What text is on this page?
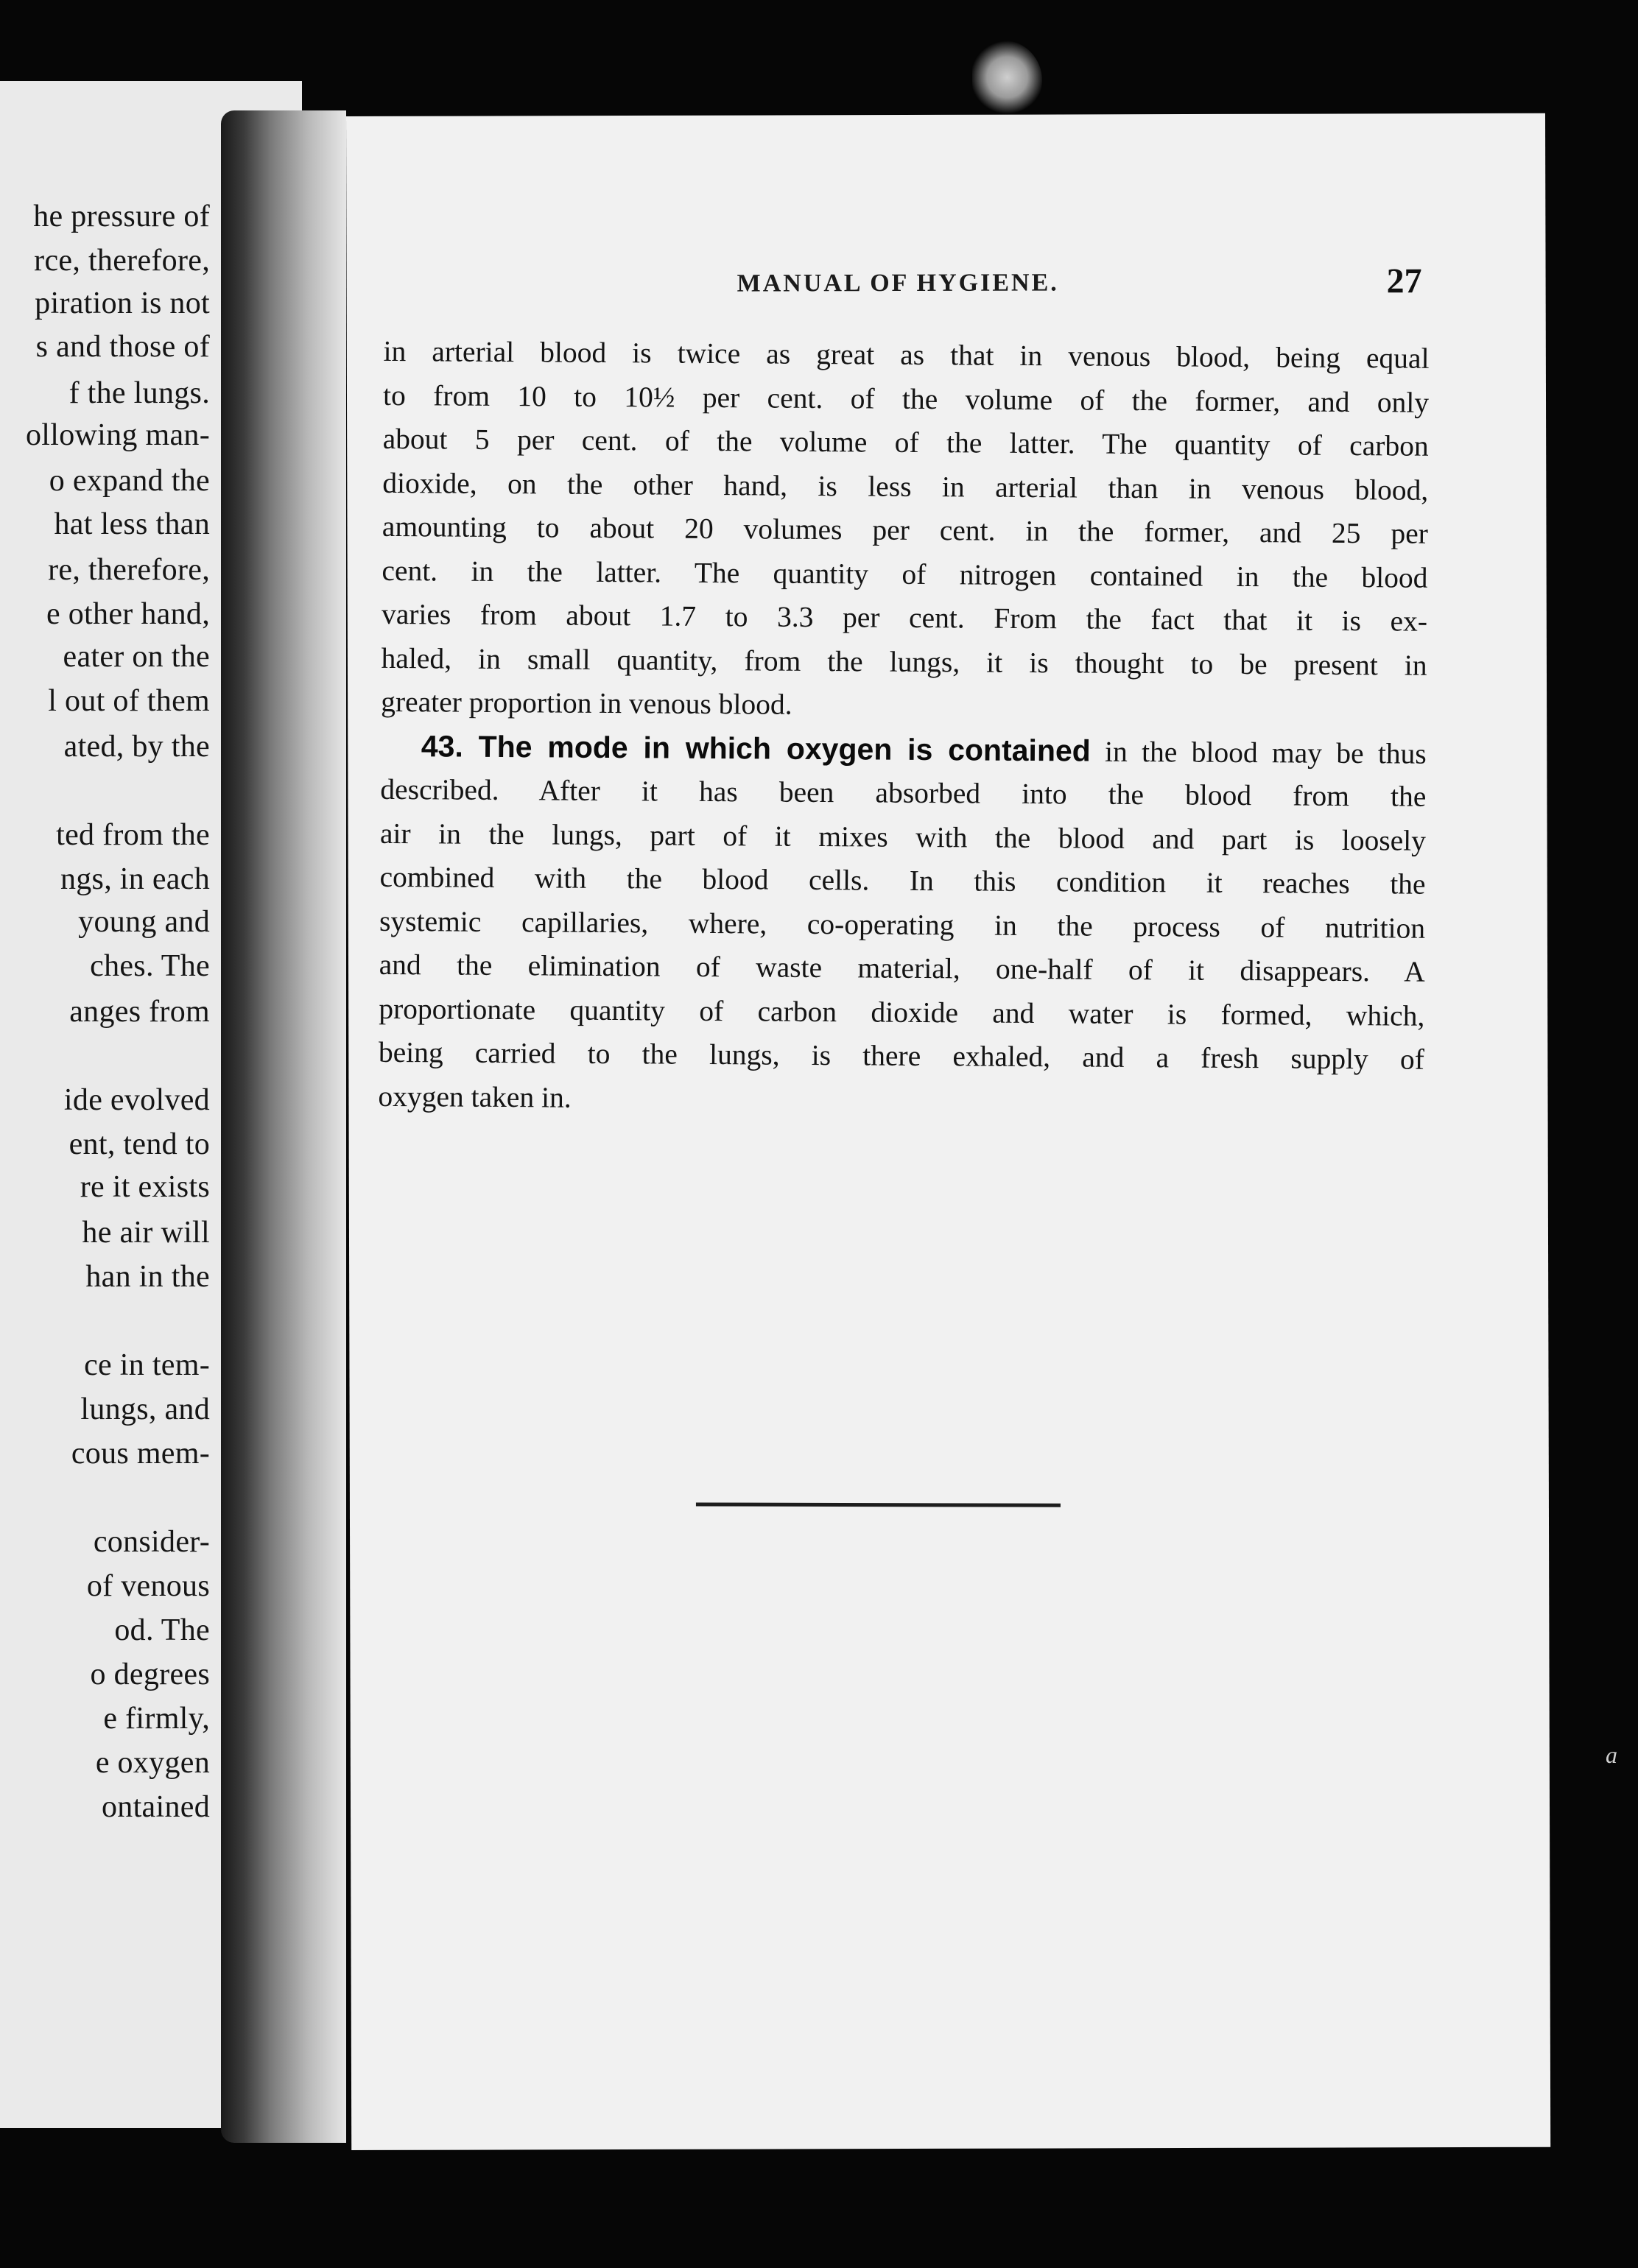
he pressure of
rce, therefore,
piration is not
s and those of
f the lungs.
ollowing man-
o expand the
hat less than
re, therefore,
e other hand,
eater on the
l out of them
ated, by the
ted from the
ngs, in each
young and
ches. The
anges from
ide evolved
ent, tend to
re it exists
he air will
han in the
ce in tem-
lungs, and
cous mem-
consider-
of venous
od. The
o degrees
e firmly,
e oxygen
ontained
MANUAL OF HYGIENE.	27
in arterial blood is twice as great as that in venous blood, being equal
to from 10 to 10½ per cent. of the volume of the former, and only
about 5 per cent. of the volume of the latter. The quantity of carbon
dioxide, on the other hand, is less in arterial than in venous blood,
amounting to about 20 volumes per cent. in the former, and 25 per
cent. in the latter. The quantity of nitrogen contained in the blood
varies from about 1.7 to 3.3 per cent. From the fact that it is ex-
haled, in small quantity, from the lungs, it is thought to be present in
greater proportion in venous blood.
43. The mode in which oxygen is contained in the blood may be thus
described. After it has been absorbed into the blood from the
air in the lungs, part of it mixes with the blood and part is loosely
combined with the blood cells. In this condition it reaches the
systemic capillaries, where, co-operating in the process of nutrition
and the elimination of waste material, one-half of it disappears. A
proportionate quantity of carbon dioxide and water is formed, which,
being carried to the lungs, is there exhaled, and a fresh supply of
oxygen taken in.
a
